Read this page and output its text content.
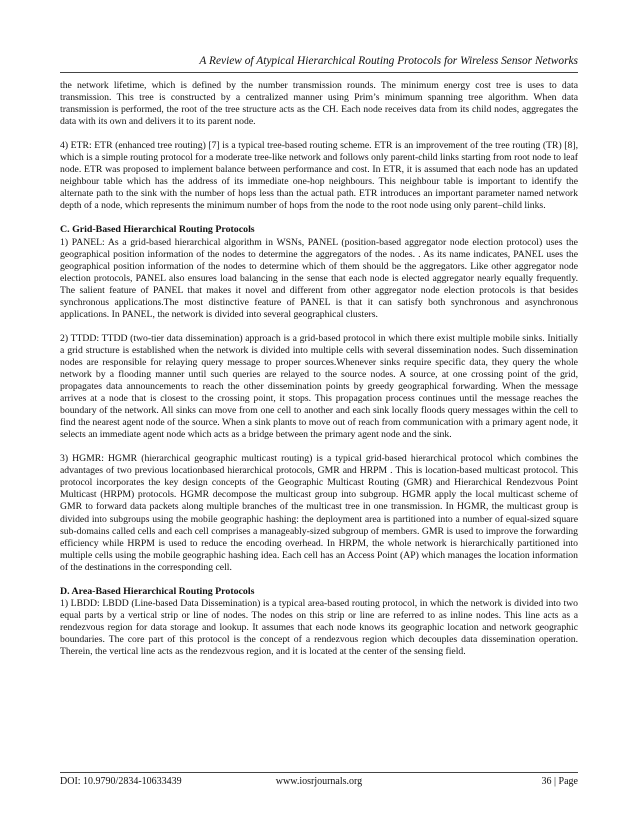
A Review of Atypical Hierarchical Routing Protocols for Wireless Sensor Networks

the network lifetime, which is defined by the number transmission rounds. The minimum energy cost tree is uses to data transmission. This tree is constructed by a centralized manner using Prim’s minimum spanning tree algorithm. When data transmission is performed, the root of the tree structure acts as the CH. Each node receives data from its child nodes, aggregates the data with its own and delivers it to its parent node.

4) ETR: ETR (enhanced tree routing) [7] is a typical tree-based routing scheme. ETR is an improvement of the tree routing (TR) [8], which is a simple routing protocol for a moderate tree-like network and follows only parent-child links starting from root node to leaf node. ETR was proposed to implement balance between performance and cost. In ETR, it is assumed that each node has an updated neighbour table which has the address of its immediate one-hop neighbours. This neighbour table is important to identify the alternate path to the sink with the number of hops less than the actual path. ETR introduces an important parameter named network depth of a node, which represents the minimum number of hops from the node to the root node using only parent–child links.

C. Grid-Based Hierarchical Routing Protocols

1) PANEL: As a grid-based hierarchical algorithm in WSNs, PANEL (position-based aggregator node election protocol) uses the geographical position information of the nodes to determine the aggregators of the nodes. . As its name indicates, PANEL uses the geographical position information of the nodes to determine which of them should be the aggregators. Like other aggregator node election protocols, PANEL also ensures load balancing in the sense that each node is elected aggregator nearly equally frequently. The salient feature of PANEL that makes it novel and different from other aggregator node election protocols is that besides synchronous applications.The most distinctive feature of PANEL is that it can satisfy both synchronous and asynchronous applications. In PANEL, the network is divided into several geographical clusters.

2) TTDD: TTDD (two-tier data dissemination) approach is a grid-based protocol in which there exist multiple mobile sinks. Initially a grid structure is established when the network is divided into multiple cells with several dissemination nodes. Such dissemination nodes are responsible for relaying query message to proper sources.Whenever sinks require specific data, they query the whole network by a flooding manner until such queries are relayed to the source nodes. A source, at one crossing point of the grid, propagates data announcements to reach the other dissemination points by greedy geographical forwarding. When the message arrives at a node that is closest to the crossing point, it stops. This propagation process continues until the message reaches the boundary of the network. All sinks can move from one cell to another and each sink locally floods query messages within the cell to find the nearest agent node of the source. When a sink plants to move out of reach from communication with a primary agent node, it selects an immediate agent node which acts as a bridge between the primary agent node and the sink.

3) HGMR: HGMR (hierarchical geographic multicast routing) is a typical grid-based hierarchical protocol which combines the advantages of two previous locationbased hierarchical protocols, GMR and HRPM . This is location-based multicast protocol. This protocol incorporates the key design concepts of the Geographic Multicast Routing (GMR) and Hierarchical Rendezvous Point Multicast (HRPM) protocols. HGMR decompose the multicast group into subgroup. HGMR apply the local multicast scheme of GMR to forward data packets along multiple branches of the multicast tree in one transmission. In HGMR, the multicast group is divided into subgroups using the mobile geographic hashing: the deployment area is partitioned into a number of equal-sized square sub-domains called cells and each cell comprises a manageably-sized subgroup of members. GMR is used to improve the forwarding efficiency while HRPM is used to reduce the encoding overhead. In HRPM, the whole network is hierarchically partitioned into multiple cells using the mobile geographic hashing idea. Each cell has an Access Point (AP) which manages the location information of the destinations in the corresponding cell.

D. Area-Based Hierarchical Routing Protocols

1) LBDD: LBDD (Line-based Data Dissemination) is a typical area-based routing protocol, in which the network is divided into two equal parts by a vertical strip or line of nodes. The nodes on this strip or line are referred to as inline nodes. This line acts as a rendezvous region for data storage and lookup. It assumes that each node knows its geographic location and network geographic boundaries. The core part of this protocol is the concept of a rendezvous region which decouples data dissemination operation. Therein, the vertical line acts as the rendezvous region, and it is located at the center of the sensing field.

DOI: 10.9790/2834-10633439	www.iosrjournals.org	36 | Page
